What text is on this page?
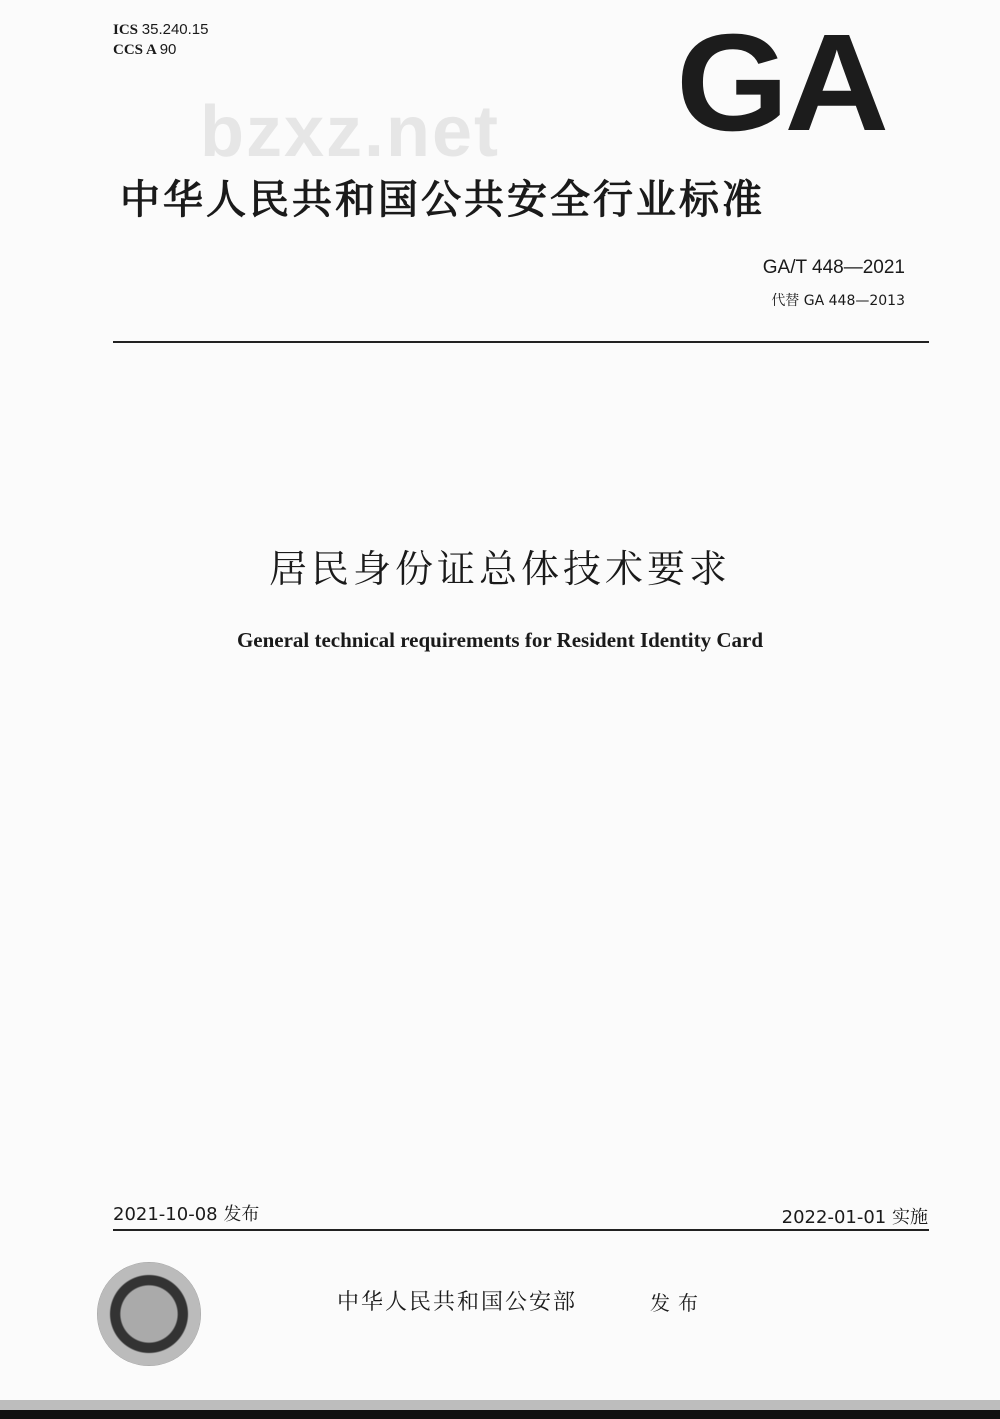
ICS 35.240.15
CCS A 90
bzxz.net GA
中华人民共和国公共安全行业标准
GA/T 448—2021
代替 GA 448—2013
居民身份证总体技术要求
General technical requirements for Resident Identity Card
2021-10-08 发布	2022-01-01 实施
中华人民共和国公安部	发布
